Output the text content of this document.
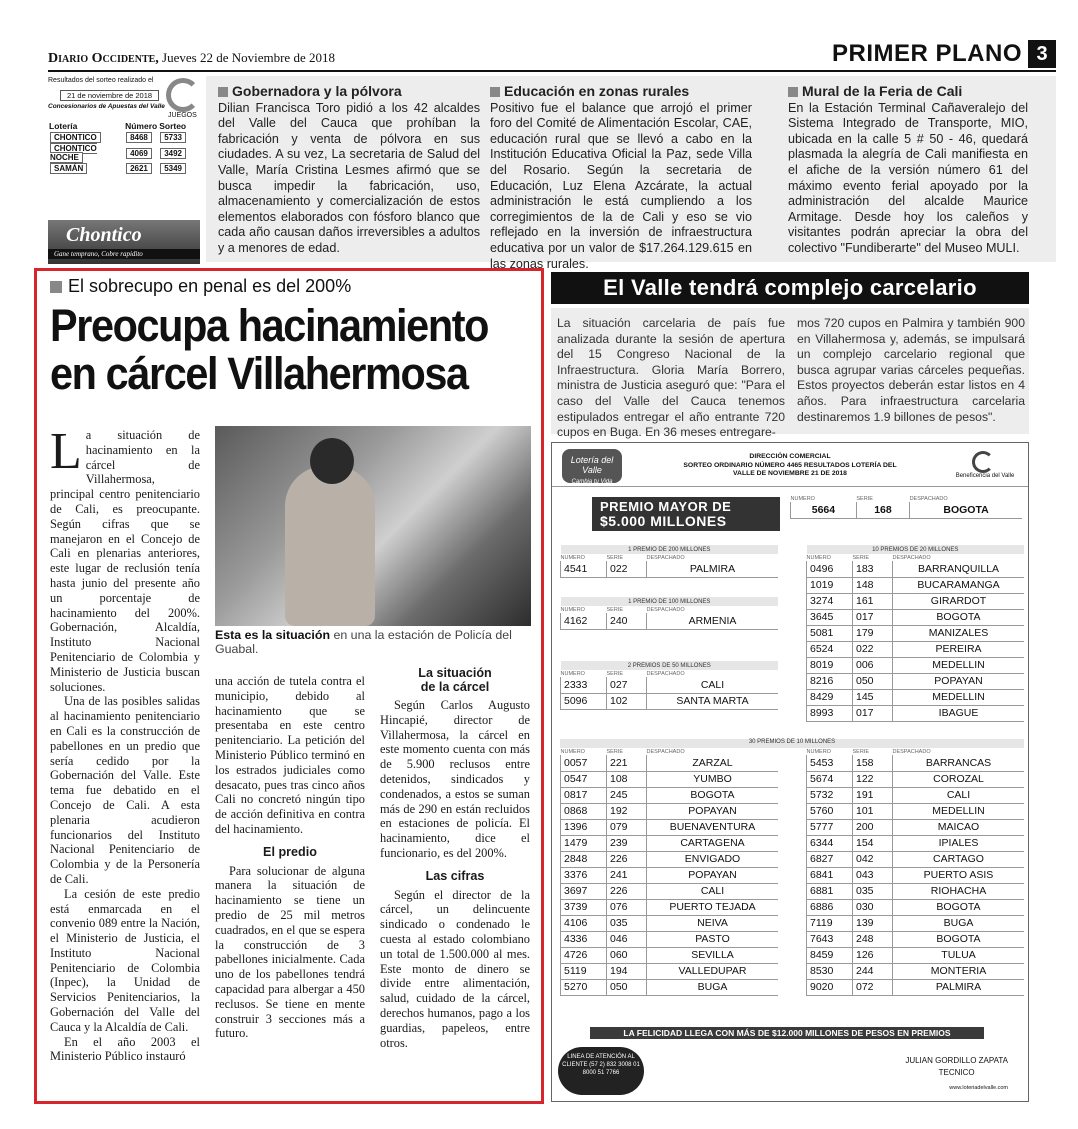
Diario Occidente, Jueves 22 de Noviembre de 2018	PRIMER PLANO 3
Resultados del sorteo realizado el
21 de noviembre de 2018
Concesionarios de Apuestas del Valle
JUEGOS
Lotería	Número	Sorteo
CHONTICO	8468	5733
CHONTICO NOCHE	4069	3492
SAMÁN	2621	5349
Chontico
Gane temprano, Cobre rapidito
Gobernadora y la pólvora

Dilian Francisca Toro pidió a los 42 alcaldes del Valle del Cauca que prohíban la fabricación y venta de pólvora en sus ciudades. A su vez, La secretaria de Salud del Valle, María Cristina Lesmes afirmó que se busca impedir la fabricación, uso, almacenamiento y comercialización de estos elementos elaborados con fósforo blanco que cada año causan daños irreversibles a adultos y a menores de edad.

Educación en zonas rurales

Positivo fue el balance que arrojó el primer foro del Comité de Alimentación Escolar, CAE, educación rural que se llevó a cabo en la Institución Educativa Oficial la Paz, sede Villa del Rosario. Según la secretaria de Educación, Luz Elena Azcárate, la actual administración le está cumpliendo a los corregimientos de la de Cali y eso se vio reflejado en la inversión de infraestructura educativa por un valor de $17.264.129.615 en las zonas rurales.

Mural de la Feria de Cali

En la Estación Terminal Cañaveralejo del Sistema Integrado de Transporte, MIO, ubicada en la calle 5 # 50 - 46, quedará plasmada la alegría de Cali manifiesta en el afiche de la versión número 61 del máximo evento ferial apoyado por la administración del alcalde Maurice Armitage. Desde hoy los caleños y visitantes podrán apreciar la obra del colectivo "Fundiberarte" del Museo MULI.

El sobrecupo en penal es del 200%
Preocupa hacinamiento
en cárcel Villahermosa

La situación de hacinamiento en la cárcel de Villahermosa, principal centro penitenciario de Cali, es preocupante. Según cifras que se manejaron en el Concejo de Cali en plenarias anteriores, este lugar de reclusión tenía hasta junio del presente año un porcentaje de hacinamiento del 200%. Gobernación, Alcaldía, Instituto Nacional Penitenciario de Colombia y Ministerio de Justicia buscan soluciones.

Una de las posibles salidas al hacinamiento penitenciario en Cali es la construcción de pabellones en un predio que sería cedido por la Gobernación del Valle. Este tema fue debatido en el Concejo de Cali. A esta plenaria acudieron funcionarios del Instituto Nacional Penitenciario de Colombia y de la Personería de Cali.

La cesión de este predio está enmarcada en el convenio 089 entre la Nación, el Ministerio de Justicia, el Instituto Nacional Penitenciario de Colombia (Inpec), la Unidad de Servicios Penitenciarios, la Gobernación del Valle del Cauca y la Alcaldía de Cali.

En el año 2003 el Ministerio Público instauró

Esta es la situación en una la estación de Policía del Guabal.

una acción de tutela contra el municipio, debido al hacinamiento que se presentaba en este centro penitenciario. La petición del Ministerio Público terminó en los estrados judiciales como desacato, pues tras cinco años Cali no concretó ningún tipo de acción definitiva en contra del hacinamiento.

El predio

Para solucionar de alguna manera la situación de hacinamiento se tiene un predio de 25 mil metros cuadrados, en el que se espera la construcción de 3 pabellones inicialmente. Cada uno de los pabellones tendrá capacidad para albergar a 450 reclusos. Se tiene en mente construir 3 secciones más a futuro.

La situación
de la cárcel

Según Carlos Augusto Hincapié, director de Villahermosa, la cárcel en este momento cuenta con más de 5.900 reclusos entre detenidos, sindicados y condenados, a estos se suman más de 290 en están recluidos en estaciones de policía. El hacinamiento, dice el funcionario, es del 200%.

Las cifras

Según el director de la cárcel, un delincuente sindicado o condenado le cuesta al estado colombiano un total de 1.500.000 al mes. Este monto de dinero se divide entre alimentación, salud, cuidado de la cárcel, derechos humanos, pago a los guardias, papeleos, entre otros.

El Valle tendrá complejo carcelario
La situación carcelaria de país fue analizada durante la sesión de apertura del 15 Congreso Nacional de la Infraestructura. Gloria María Borrero, ministra de Justicia aseguró que: "Para el caso del Valle del Cauca tenemos estipulados entregar el año entrante 720 cupos en Buga. En 36 meses entregare-
mos 720 cupos en Palmira y también 900 en Villahermosa y, además, se impulsará un complejo carcelario regional que busca agrupar varias cárceles pequeñas. Estos proyectos deberán estar listos en 4 años. Para infraestructura carcelaria destinaremos 1.9 billones de pesos".
Lotería del Valle
Cambia tu Vida
DIRECCIÓN COMERCIAL
SORTEO ORDINARIO NÚMERO 4465 RESULTADOS LOTERÍA DEL VALLE DE NOVIEMBRE 21 DE 2018	Beneficencia del Valle
PREMIO MAYOR DE
$5.000 MILLONES
NUMERO	SERIE	DESPACHADO
5664	168	BOGOTA
1 PREMIO DE 200 MILLONES		
NUMERO	SERIE	DESPACHADO
4541	022	PALMIRA
1 PREMIO DE 100 MILLONES		
NUMERO	SERIE	DESPACHADO
4162	240	ARMENIA
2 PREMIOS DE 50 MILLONES		
NUMERO	SERIE	DESPACHADO
2333	027	CALI
5096	102	SANTA MARTA
10 PREMIOS DE 20 MILLONES		
NUMERO	SERIE	DESPACHADO
0496	183	BARRANQUILLA
1019	148	BUCARAMANGA
3274	161	GIRARDOT
3645	017	BOGOTA
5081	179	MANIZALES
6524	022	PEREIRA
8019	006	MEDELLIN
8216	050	POPAYAN
8429	145	MEDELLIN
8993	017	IBAGUE

NUMERO	SERIE	DESPACHADO
0057	221	ZARZAL
0547	108	YUMBO
0817	245	BOGOTA
0868	192	POPAYAN
1396	079	BUENAVENTURA
1479	239	CARTAGENA
2848	226	ENVIGADO
3376	241	POPAYAN
3697	226	CALI
3739	076	PUERTO TEJADA
4106	035	NEIVA
4336	046	PASTO
4726	060	SEVILLA
5119	194	VALLEDUPAR
5270	050	BUGA

NUMERO	SERIE	DESPACHADO
5453	158	BARRANCAS
5674	122	COROZAL
5732	191	CALI
5760	101	MEDELLIN
5777	200	MAICAO
6344	154	IPIALES
6827	042	CARTAGO
6841	043	PUERTO ASIS
6881	035	RIOHACHA
6886	030	BOGOTA
7119	139	BUGA
7643	248	BOGOTA
8459	126	TULUA
8530	244	MONTERIA
9020	072	PALMIRA
30 PREMIOS DE 10 MILLONES
LA FELICIDAD LLEGA CON MÁS DE $12.000 MILLONES DE PESOS EN PREMIOS
LINEA DE ATENCIÓN AL CLIENTE (57 2) 832 3008 01 8000 51 7766
JULIAN GORDILLO ZAPATA
TECNICO
www.loteriadelvalle.com
